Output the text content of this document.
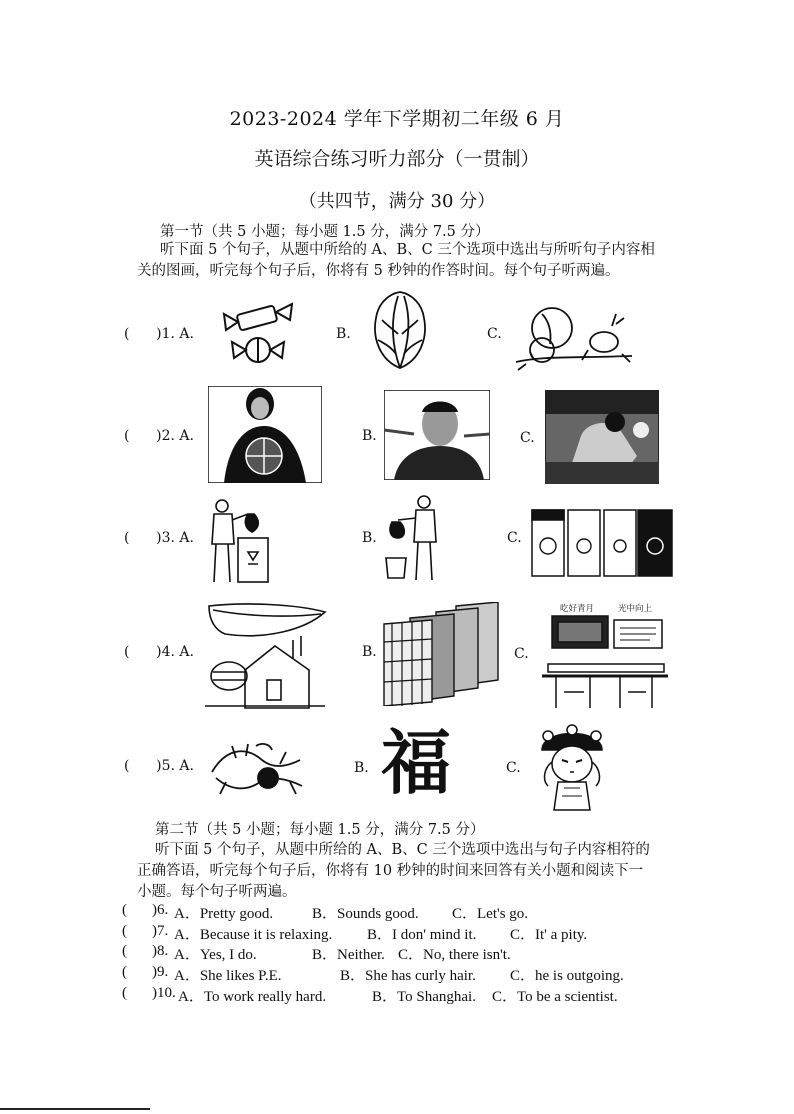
2023-2024 学年下学期初二年级 6 月
英语综合练习听力部分（一贯制）
（共四节，满分 30 分）
第一节（共 5 小题；每小题 1.5 分，满分 7.5 分）
听下面 5 个句子，从题中所给的 A、B、C 三个选项中选出与所听句子内容相
关的图画，听完每个句子后，你将有 5 秒钟的作答时间。每个句子听两遍。
(      )1. A.	B.	C.
(      )2. A.	B.	C.
(      )3. A.	B.	C.
(      )4. A.	B.	C.
吃好青月	光中向上
(      )5. A.	B. 福	C.
第二节（共 5 小题；每小题 1.5 分，满分 7.5 分）
听下面 5 个句子，从题中所给的 A、B、C 三个选项中选出与句子内容相符的
正确答语，听完每个句子后，你将有 10 秒钟的时间来回答有关小题和阅读下一
小题。每个句子听两遍。
( )6. A．Pretty good.	B．Sounds good. C．Let's go.
( )7. A．Because it is relaxing. B．I don' mind it. C．It' a pity.
( )8. A．Yes, I do.	B．Neither. C．No, there isn't.
( )9. A．She likes P.E.	B．She has curly hair. C．he is outgoing.
( )10. A．To work really hard.	B．To Shanghai. C．To be a scientist.
